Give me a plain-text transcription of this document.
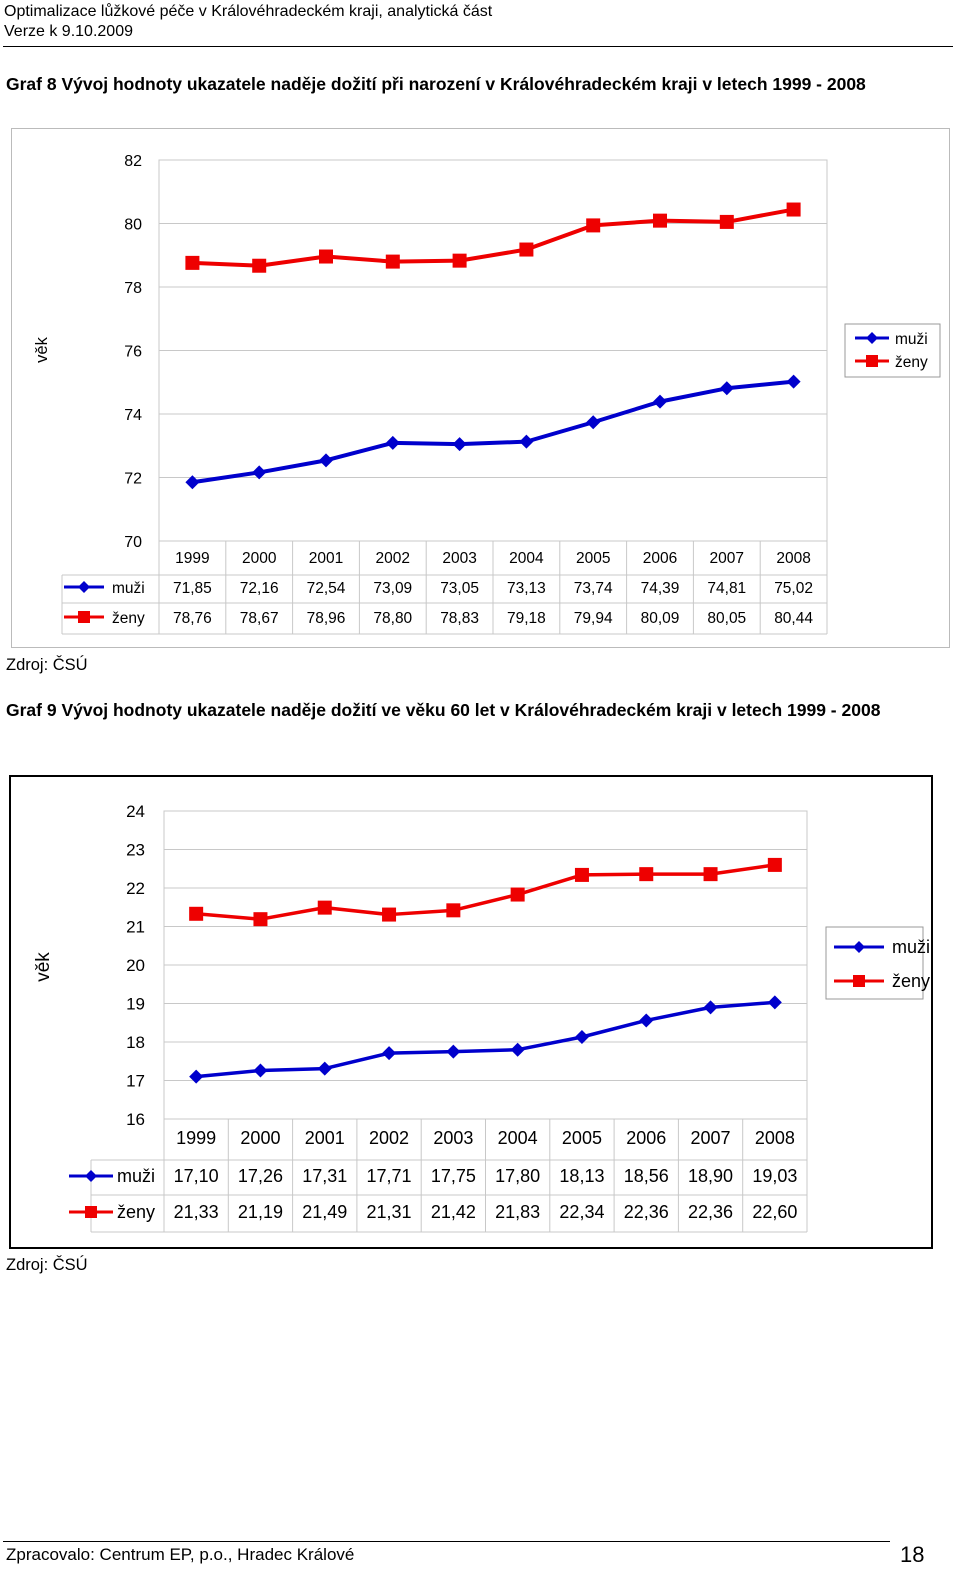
Optimalizace lůžkové péče v Královéhradeckém kraji, analytická část
Verze k 9.10.2009
Graf 8 Vývoj hodnoty ukazatele naděje dožití při narození v Královéhradeckém kraji v letech 1999 - 2008
70
72
74
76
78
80
82
věk
1999 2000 2001 2002 2003 2004 2005 2006 2007 2008
muži 71,85 72,16 72,54 73,09 73,05 73,13 73,74 74,39 74,81 75,02
muži
ženy 78,76 78,67 78,96 78,80 78,83 79,18 79,94 80,09 80,05 80,44
ženy
Zdroj: ČSÚ
Graf 9 Vývoj hodnoty ukazatele naděje dožití ve věku 60 let v Královéhradeckém kraji v letech 1999 - 2008
16
17
18
19
20
21
22
23
24
věk
1999 2000 2001 2002 2003 2004 2005 2006 2007 2008
muži 17,10 17,26 17,31 17,71 17,75 17,80 18,13 18,56 18,90 19,03
muži
ženy 21,33 21,19 21,49 21,31 21,42 21,83 22,34 22,36 22,36 22,60
ženy
Zdroj: ČSÚ
Zpracovalo: Centrum EP, p.o., Hradec Králové	18
